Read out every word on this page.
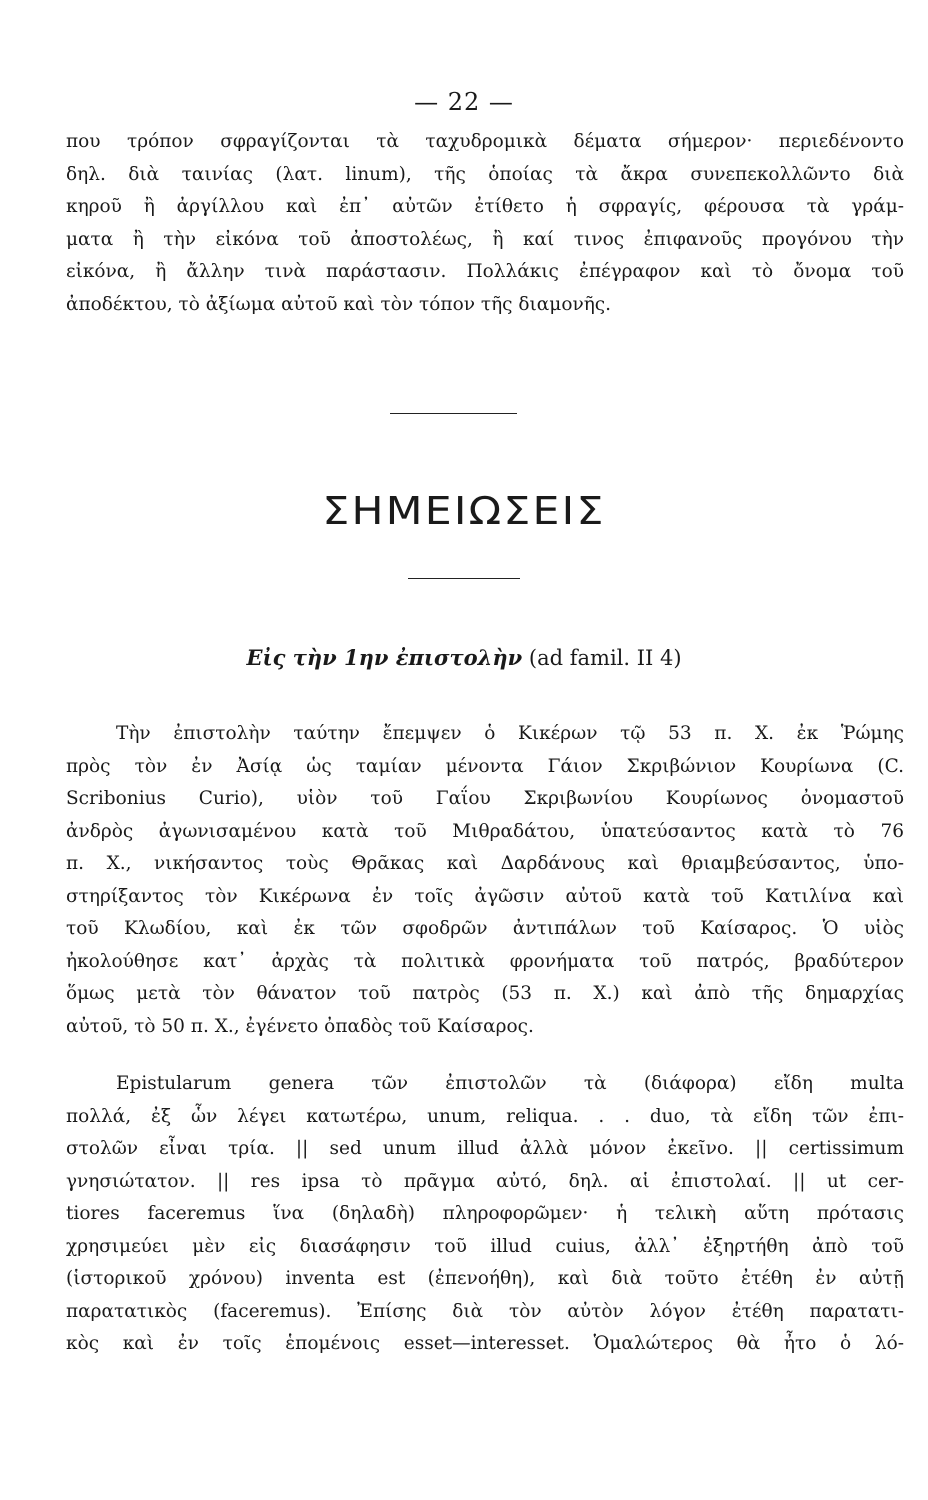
— 22 —
που τρόπον σφραγίζονται τὰ ταχυδρομικὰ δέματα σήμερον· περιεδένοντο
δηλ. διὰ ταινίας (λατ. linum), τῆς ὁποίας τὰ ἄκρα συνεπεκολλῶντο διὰ
κηροῦ ἢ ἀργίλλου καὶ ἐπ᾽ αὐτῶν ἐτίθετο ἡ σφραγίς, φέρουσα τὰ γράμ-
ματα ἢ τὴν εἰκόνα τοῦ ἀποστολέως, ἢ καί τινος ἐπιφανοῦς προγόνου τὴν
εἰκόνα, ἢ ἄλλην τινὰ παράστασιν. Πολλάκις ἐπέγραφον καὶ τὸ ὄνομα τοῦ
ἀποδέκτου, τὸ ἀξίωμα αὐτοῦ καὶ τὸν τόπον τῆς διαμονῆς.
ΣΗΜΕΙΩΣΕΙΣ
Εἰς τὴν 1ην ἐπιστολὴν (ad famil. II 4)
Τὴν ἐπιστολὴν ταύτην ἔπεμψεν ὁ Κικέρων τῷ 53 π. Χ. ἐκ Ῥώμης
πρὸς τὸν ἐν Ἀσίᾳ ὡς ταμίαν μένοντα Γάιον Σκριβώνιον Κουρίωνα (C.
Scribonius Curio), υἱὸν τοῦ Γαΐου Σκριβωνίου Κουρίωνος ὀνομαστοῦ
ἀνδρὸς ἀγωνισαμένου κατὰ τοῦ Μιθραδάτου, ὑπατεύσαντος κατὰ τὸ 76
π. Χ., νικήσαντος τοὺς Θρᾶκας καὶ Δαρδάνους καὶ θριαμβεύσαντος, ὑπο-
στηρίξαντος τὸν Κικέρωνα ἐν τοῖς ἀγῶσιν αὐτοῦ κατὰ τοῦ Κατιλίνα καὶ
τοῦ Κλωδίου, καὶ ἐκ τῶν σφοδρῶν ἀντιπάλων τοῦ Καίσαρος. Ὁ υἱὸς
ἠκολούθησε κατ᾽ ἀρχὰς τὰ πολιτικὰ φρονήματα τοῦ πατρός, βραδύτερον
ὅμως μετὰ τὸν θάνατον τοῦ πατρὸς (53 π. Χ.) καὶ ἀπὸ τῆς δημαρχίας
αὐτοῦ, τὸ 50 π. Χ., ἐγένετο ὀπαδὸς τοῦ Καίσαρος.
Epistularum genera τῶν ἐπιστολῶν τὰ (διάφορα) εἴδη multa
πολλά, ἐξ ὧν λέγει κατωτέρω, unum, reliqua. . . duo, τὰ εἴδη τῶν ἐπι-
στολῶν εἶναι τρία. || sed unum illud ἀλλὰ μόνον ἐκεῖνο. || certissimum
γνησιώτατον. || res ipsa τὸ πρᾶγμα αὐτό, δηλ. αἱ ἐπιστολαί. || ut cer-
tiores faceremus ἵνα (δηλαδὴ) πληροφορῶμεν· ἡ τελικὴ αὕτη πρότασις
χρησιμεύει μὲν εἰς διασάφησιν τοῦ illud cuius, ἀλλ᾽ ἐξηρτήθη ἀπὸ τοῦ
(ἱστορικοῦ χρόνου) inventa est (ἐπενοήθη), καὶ διὰ τοῦτο ἐτέθη ἐν αὐτῇ
παρατατικὸς (faceremus). Ἐπίσης διὰ τὸν αὐτὸν λόγον ἐτέθη παρατατι-
κὸς καὶ ἐν τοῖς ἑπομένοις esset—interesset. Ὁμαλώτερος θὰ ἦτο ὁ λό-
